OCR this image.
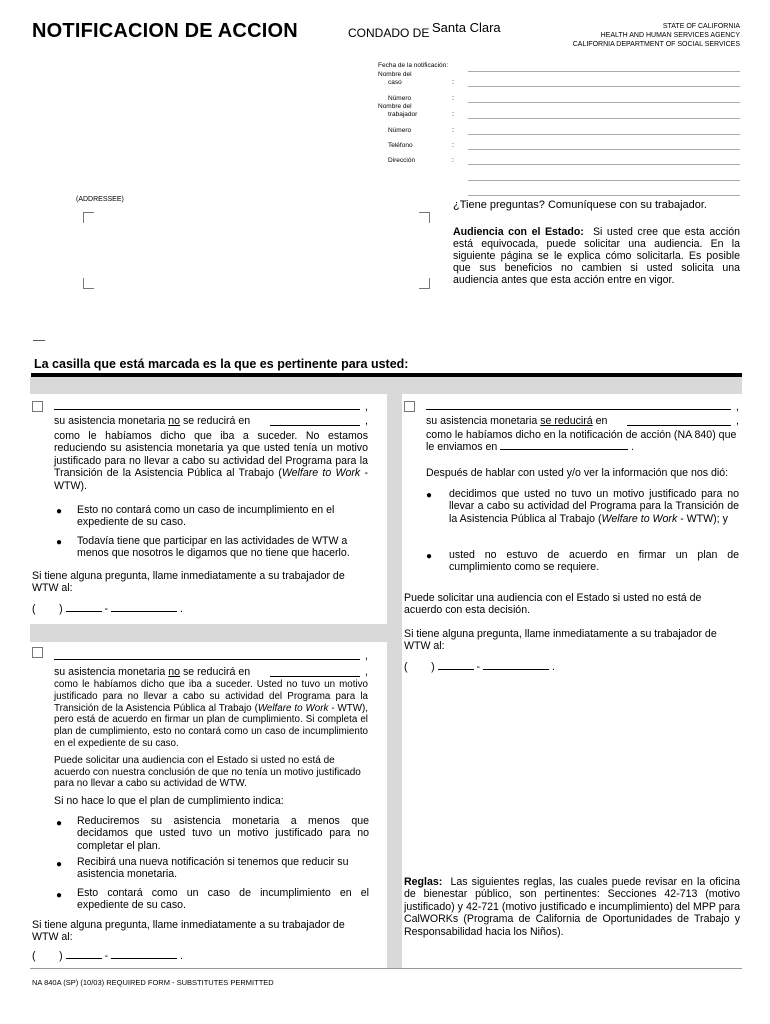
NOTIFICACION DE ACCION	CONDADO DE Santa Clara	STATE OF CALIFORNIA
HEALTH AND HUMAN SERVICES AGENCY
CALIFORNIA DEPARTMENT OF SOCIAL SERVICES
Fecha de la notificación:
Nombre del
caso	:
Número	:
Nombre del
trabajador	:
Número	:
Teléfono	:
Dirección	:
(ADDRESSEE)	¿Tiene preguntas? Comuníquese con su trabajador.
Audiencia con el Estado: Si usted cree que esta acción está equivocada, puede solicitar una audiencia. En la siguiente página se le explica cómo solicitarla. Es posible que sus beneficios no cambien si usted solicita una audiencia antes que esta acción entre en vigor.
La casilla que está marcada es la que es pertinente para usted:
,
su asistencia monetaria no se reducirá en	,
como le habíamos dicho que iba a suceder. No estamos reduciendo su asistencia monetaria ya que usted tenía un motivo justificado para no llevar a cabo su actividad del Programa para la Transición de la Asistencia Pública al Trabajo (Welfare to Work - WTW).
● Esto no contará como un caso de incumplimiento en el expediente de su caso.
● Todavía tiene que participar en las actividades de WTW a menos que nosotros le digamos que no tiene que hacerlo.
Si tiene alguna pregunta, llame inmediatamente a su trabajador de WTW al:
( )	-	.
,
su asistencia monetaria no se reducirá en	,
como le habíamos dicho que iba a suceder. Usted no tuvo un motivo justificado para no llevar a cabo su actividad del Programa para la Transición de la Asistencia Pública al Trabajo (Welfare to Work - WTW), pero está de acuerdo en firmar un plan de cumplimiento. Si completa el plan de cumplimiento, esto no contará como un caso de incumplimiento en el expediente de su caso.
Puede solicitar una audiencia con el Estado si usted no está de acuerdo con nuestra conclusión de que no tenía un motivo justificado para no llevar a cabo su actividad de WTW.
Si no hace lo que el plan de cumplimiento indica:
● Reduciremos su asistencia monetaria a menos que decidamos que usted tuvo un motivo justificado para no completar el plan.
● Recibirá una nueva notificación si tenemos que reducir su asistencia monetaria.
● Esto contará como un caso de incumplimiento en el expediente de su caso.
Si tiene alguna pregunta, llame inmediatamente a su trabajador de WTW al:
( )	-	.
,
su asistencia monetaria se reducirá en	,
como le habíamos dicho en la notificación de acción (NA 840) que le enviamos en	.
Después de hablar con usted y/o ver la información que nos dió:
● decidimos que usted no tuvo un motivo justificado para no llevar a cabo su actividad del Programa para la Transición de la Asistencia Pública al Trabajo (Welfare to Work - WTW); y
● usted no estuvo de acuerdo en firmar un plan de cumplimiento como se requiere.
Puede solicitar una audiencia con el Estado si usted no está de acuerdo con esta decisión.
Si tiene alguna pregunta, llame inmediatamente a su trabajador de WTW al:
( )	-	.
Reglas: Las siguientes reglas, las cuales puede revisar en la oficina de bienestar público, son pertinentes: Secciones 42-713 (motivo justificado) y 42-721 (motivo justificado e incumplimiento) del MPP para CalWORKs (Programa de California de Oportunidades de Trabajo y Responsabilidad hacia los Niños).
NA 840A (SP) (10/03) REQUIRED FORM - SUBSTITUTES PERMITTED
